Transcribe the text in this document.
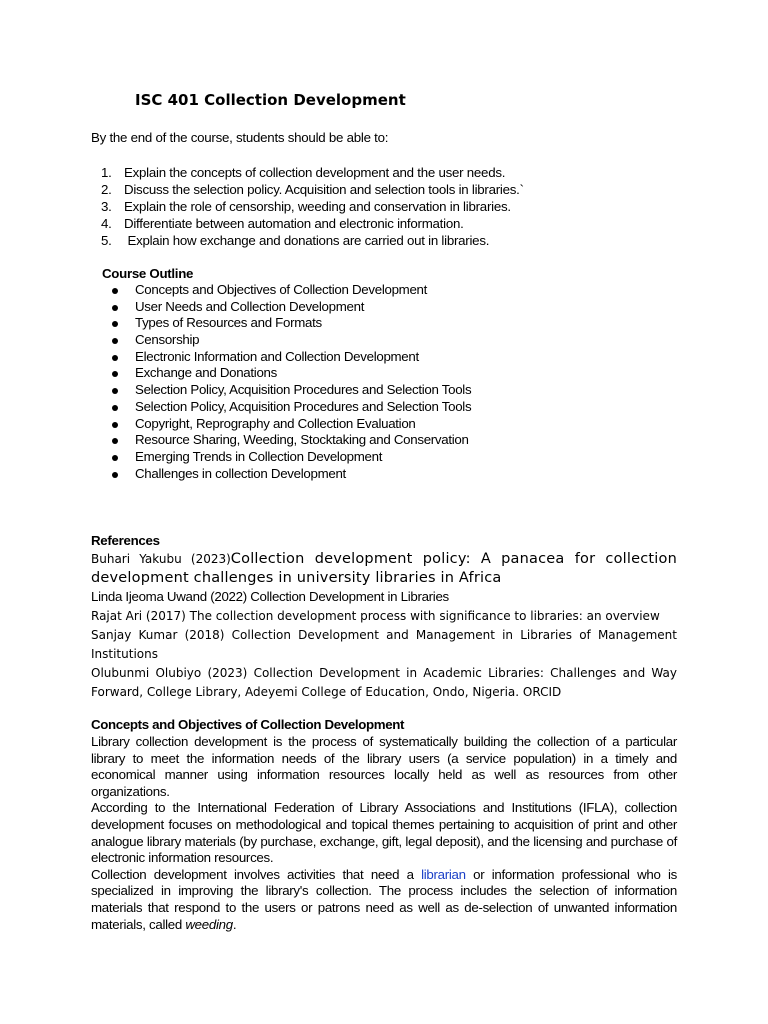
ISC 401 Collection Development

By the end of the course, students should be able to:

1. Explain the concepts of collection development and the user needs.
2. Discuss the selection policy. Acquisition and selection tools in libraries.`
3. Explain the role of censorship, weeding and conservation in libraries.
4. Differentiate between automation and electronic information.
5. Explain how exchange and donations are carried out in libraries.
Course Outline
Concepts and Objectives of Collection Development
User Needs and Collection Development
Types of Resources and Formats
Censorship
Electronic Information and Collection Development
Exchange and Donations
Selection Policy, Acquisition Procedures and Selection Tools
Selection Policy, Acquisition Procedures and Selection Tools
Copyright, Reprography and Collection Evaluation
Resource Sharing, Weeding, Stocktaking and Conservation
Emerging Trends in Collection Development
Challenges in collection Development
References

Buhari Yakubu (2023)Collection development policy: A panacea for collection development challenges in university libraries in Africa

Linda Ijeoma Uwand (2022) Collection Development in Libraries

Rajat Ari (2017) The collection development process with significance to libraries: an overview

Sanjay Kumar (2018) Collection Development and Management in Libraries of Management Institutions

Olubunmi Olubiyo (2023) Collection Development in Academic Libraries: Challenges and Way Forward, College Library, Adeyemi College of Education, Ondo, Nigeria. ORCID

Concepts and Objectives of Collection Development

Library collection development is the process of systematically building the collection of a particular library to meet the information needs of the library users (a service population) in a timely and economical manner using information resources locally held as well as resources from other organizations.

According to the International Federation of Library Associations and Institutions (IFLA), collection development focuses on methodological and topical themes pertaining to acquisition of print and other analogue library materials (by purchase, exchange, gift, legal deposit), and the licensing and purchase of electronic information resources.

Collection development involves activities that need a librarian or information professional who is specialized in improving the library's collection. The process includes the selection of information materials that respond to the users or patrons need as well as de-selection of unwanted information materials, called weeding.
